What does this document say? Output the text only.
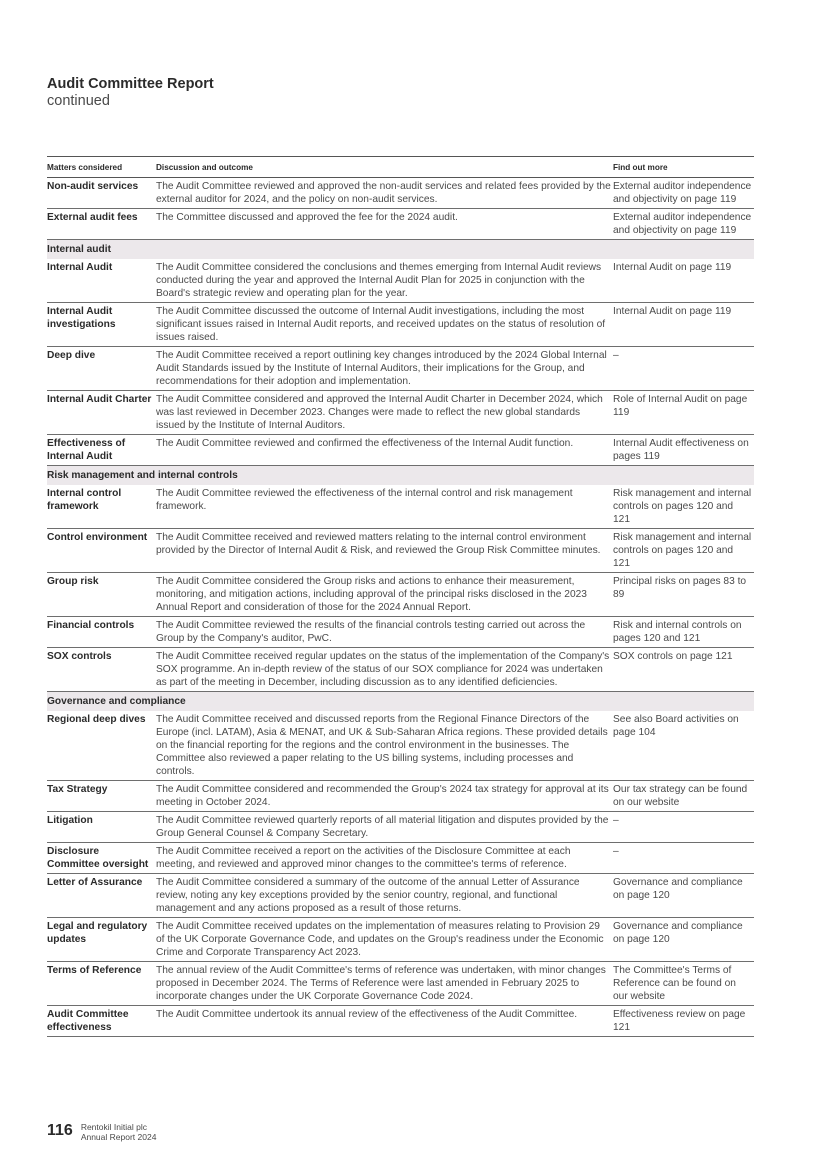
Audit Committee Report
continued
Matters considered	Discussion and outcome	Find out more
Non-audit services	The Audit Committee reviewed and approved the non-audit services and related fees provided by the external auditor for 2024, and the policy on non-audit services.	External auditor independence and objectivity on page 119
External audit fees	The Committee discussed and approved the fee for the 2024 audit.	External auditor independence and objectivity on page 119
Internal audit		
Internal Audit	The Audit Committee considered the conclusions and themes emerging from Internal Audit reviews conducted during the year and approved the Internal Audit Plan for 2025 in conjunction with the Board's strategic review and operating plan for the year.	Internal Audit on page 119
Internal Audit investigations	The Audit Committee discussed the outcome of Internal Audit investigations, including the most significant issues raised in Internal Audit reports, and received updates on the status of resolution of issues raised.	Internal Audit on page 119
Deep dive	The Audit Committee received a report outlining key changes introduced by the 2024 Global Internal Audit Standards issued by the Institute of Internal Auditors, their implications for the Group, and recommendations for their adoption and implementation.	–
Internal Audit Charter	The Audit Committee considered and approved the Internal Audit Charter in December 2024, which was last reviewed in December 2023. Changes were made to reflect the new global standards issued by the Institute of Internal Auditors.	Role of Internal Audit on page 119
Effectiveness of Internal Audit	The Audit Committee reviewed and confirmed the effectiveness of the Internal Audit function.	Internal Audit effectiveness on pages 119
Risk management and internal controls		
Internal control framework	The Audit Committee reviewed the effectiveness of the internal control and risk management framework.	Risk management and internal controls on pages 120 and 121
Control environment	The Audit Committee received and reviewed matters relating to the internal control environment provided by the Director of Internal Audit & Risk, and reviewed the Group Risk Committee minutes.	Risk management and internal controls on pages 120 and 121
Group risk	The Audit Committee considered the Group risks and actions to enhance their measurement, monitoring, and mitigation actions, including approval of the principal risks disclosed in the 2023 Annual Report and consideration of those for the 2024 Annual Report.	Principal risks on pages 83 to 89
Financial controls	The Audit Committee reviewed the results of the financial controls testing carried out across the Group by the Company's auditor, PwC.	Risk and internal controls on pages 120 and 121
SOX controls	The Audit Committee received regular updates on the status of the implementation of the Company's SOX programme. An in-depth review of the status of our SOX compliance for 2024 was undertaken as part of the meeting in December, including discussion as to any identified deficiencies.	SOX controls on page 121
Governance and compliance		
Regional deep dives	The Audit Committee received and discussed reports from the Regional Finance Directors of the Europe (incl. LATAM), Asia & MENAT, and UK & Sub-Saharan Africa regions. These provided details on the financial reporting for the regions and the control environment in the businesses. The Committee also reviewed a paper relating to the US billing systems, including processes and controls.	See also Board activities on page 104
Tax Strategy	The Audit Committee considered and recommended the Group's 2024 tax strategy for approval at its meeting in October 2024.	Our tax strategy can be found on our website
Litigation	The Audit Committee reviewed quarterly reports of all material litigation and disputes provided by the Group General Counsel & Company Secretary.	–
Disclosure Committee oversight	The Audit Committee received a report on the activities of the Disclosure Committee at each meeting, and reviewed and approved minor changes to the committee's terms of reference.	–
Letter of Assurance	The Audit Committee considered a summary of the outcome of the annual Letter of Assurance review, noting any key exceptions provided by the senior country, regional, and functional management and any actions proposed as a result of those returns.	Governance and compliance on page 120
Legal and regulatory updates	The Audit Committee received updates on the implementation of measures relating to Provision 29 of the UK Corporate Governance Code, and updates on the Group's readiness under the Economic Crime and Corporate Transparency Act 2023.	Governance and compliance on page 120
Terms of Reference	The annual review of the Audit Committee's terms of reference was undertaken, with minor changes proposed in December 2024. The Terms of Reference were last amended in February 2025 to incorporate changes under the UK Corporate Governance Code 2024.	The Committee's Terms of Reference can be found on our website
Audit Committee effectiveness	The Audit Committee undertook its annual review of the effectiveness of the Audit Committee.	Effectiveness review on page 121
116 Rentokil Initial plc
Annual Report 2024
